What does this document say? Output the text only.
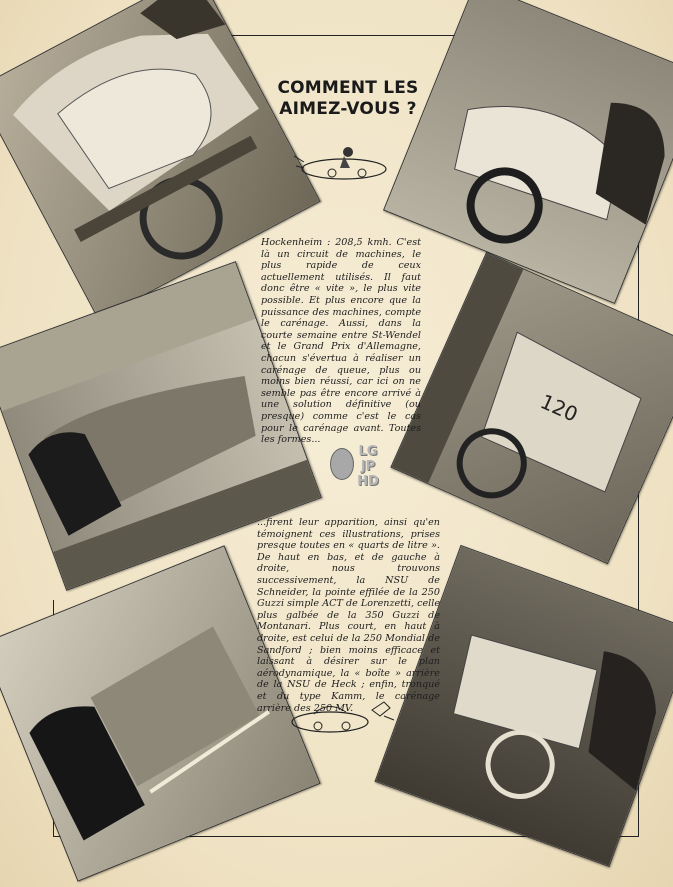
120
COMMENT LES AIMEZ-VOUS ?
Hockenheim : 208,5 kmh. C'est là un circuit de machines, le plus rapide de ceux actuellement utilisés. Il faut donc être « vite », le plus vite possible. Et plus encore que la puissance des machines, compte le carénage. Aussi, dans la courte semaine entre St-Wendel et le Grand Prix d'Allemagne, chacun s'évertua à réaliser un carénage de queue, plus ou moins bien réussi, car ici on ne semble pas être encore arrivé à une solution définitive (ou presque) comme c'est le cas pour le carénage avant. Toutes les formes...
LG
JP
HD
...firent leur apparition, ainsi qu'en témoignent ces illustrations, prises presque toutes en « quarts de litre ». De haut en bas, et de gauche à droite, nous trouvons successivement, la NSU de Schneider, la pointe effilée de la 250 Guzzi simple ACT de Lorenzetti, celle plus galbée de la 350 Guzzi de Montanari. Plus court, en haut à droite, est celui de la 250 Mondial de Sandford ; bien moins efficace et laissant à désirer sur le plan aérodynamique, la « boîte » arrière de la NSU de Heck ; enfin, tronqué et du type Kamm, le carénage arrière des 250 MV.
